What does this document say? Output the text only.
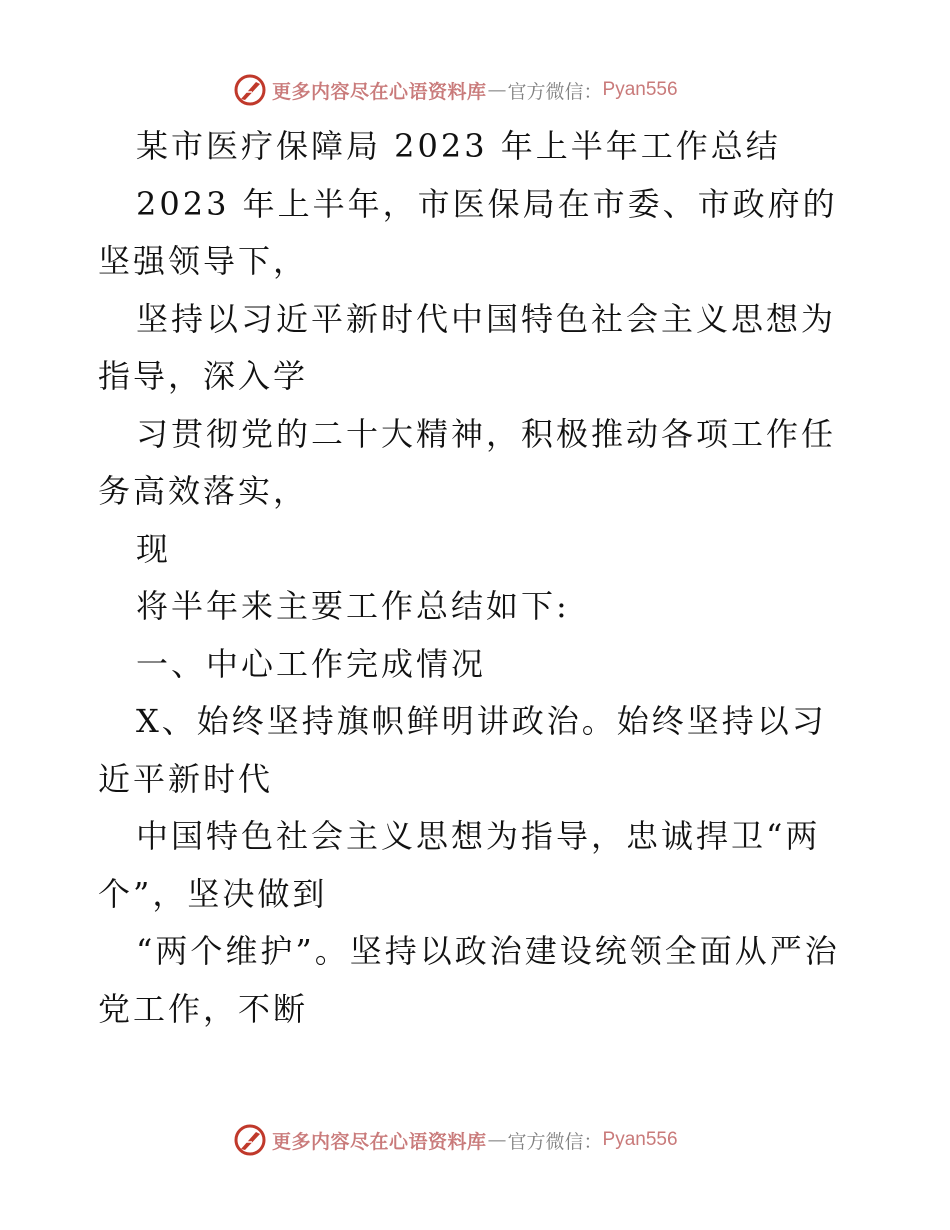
更多内容尽在心语资料库 — 官方微信： Pyan556

某市医疗保障局 2023 年上半年工作总结

2023 年上半年，市医保局在市委、市政府的坚强领导下，

坚持以习近平新时代中国特色社会主义思想为指导，深入学

习贯彻党的二十大精神，积极推动各项工作任务高效落实，

现

将半年来主要工作总结如下:

一、中心工作完成情况

X、始终坚持旗帜鲜明讲政治。始终坚持以习近平新时代

中国特色社会主义思想为指导，忠诚捍卫“两个”，坚决做到

“两个维护”。坚持以政治建设统领全面从严治党工作，不断

更多内容尽在心语资料库 — 官方微信： Pyan556
